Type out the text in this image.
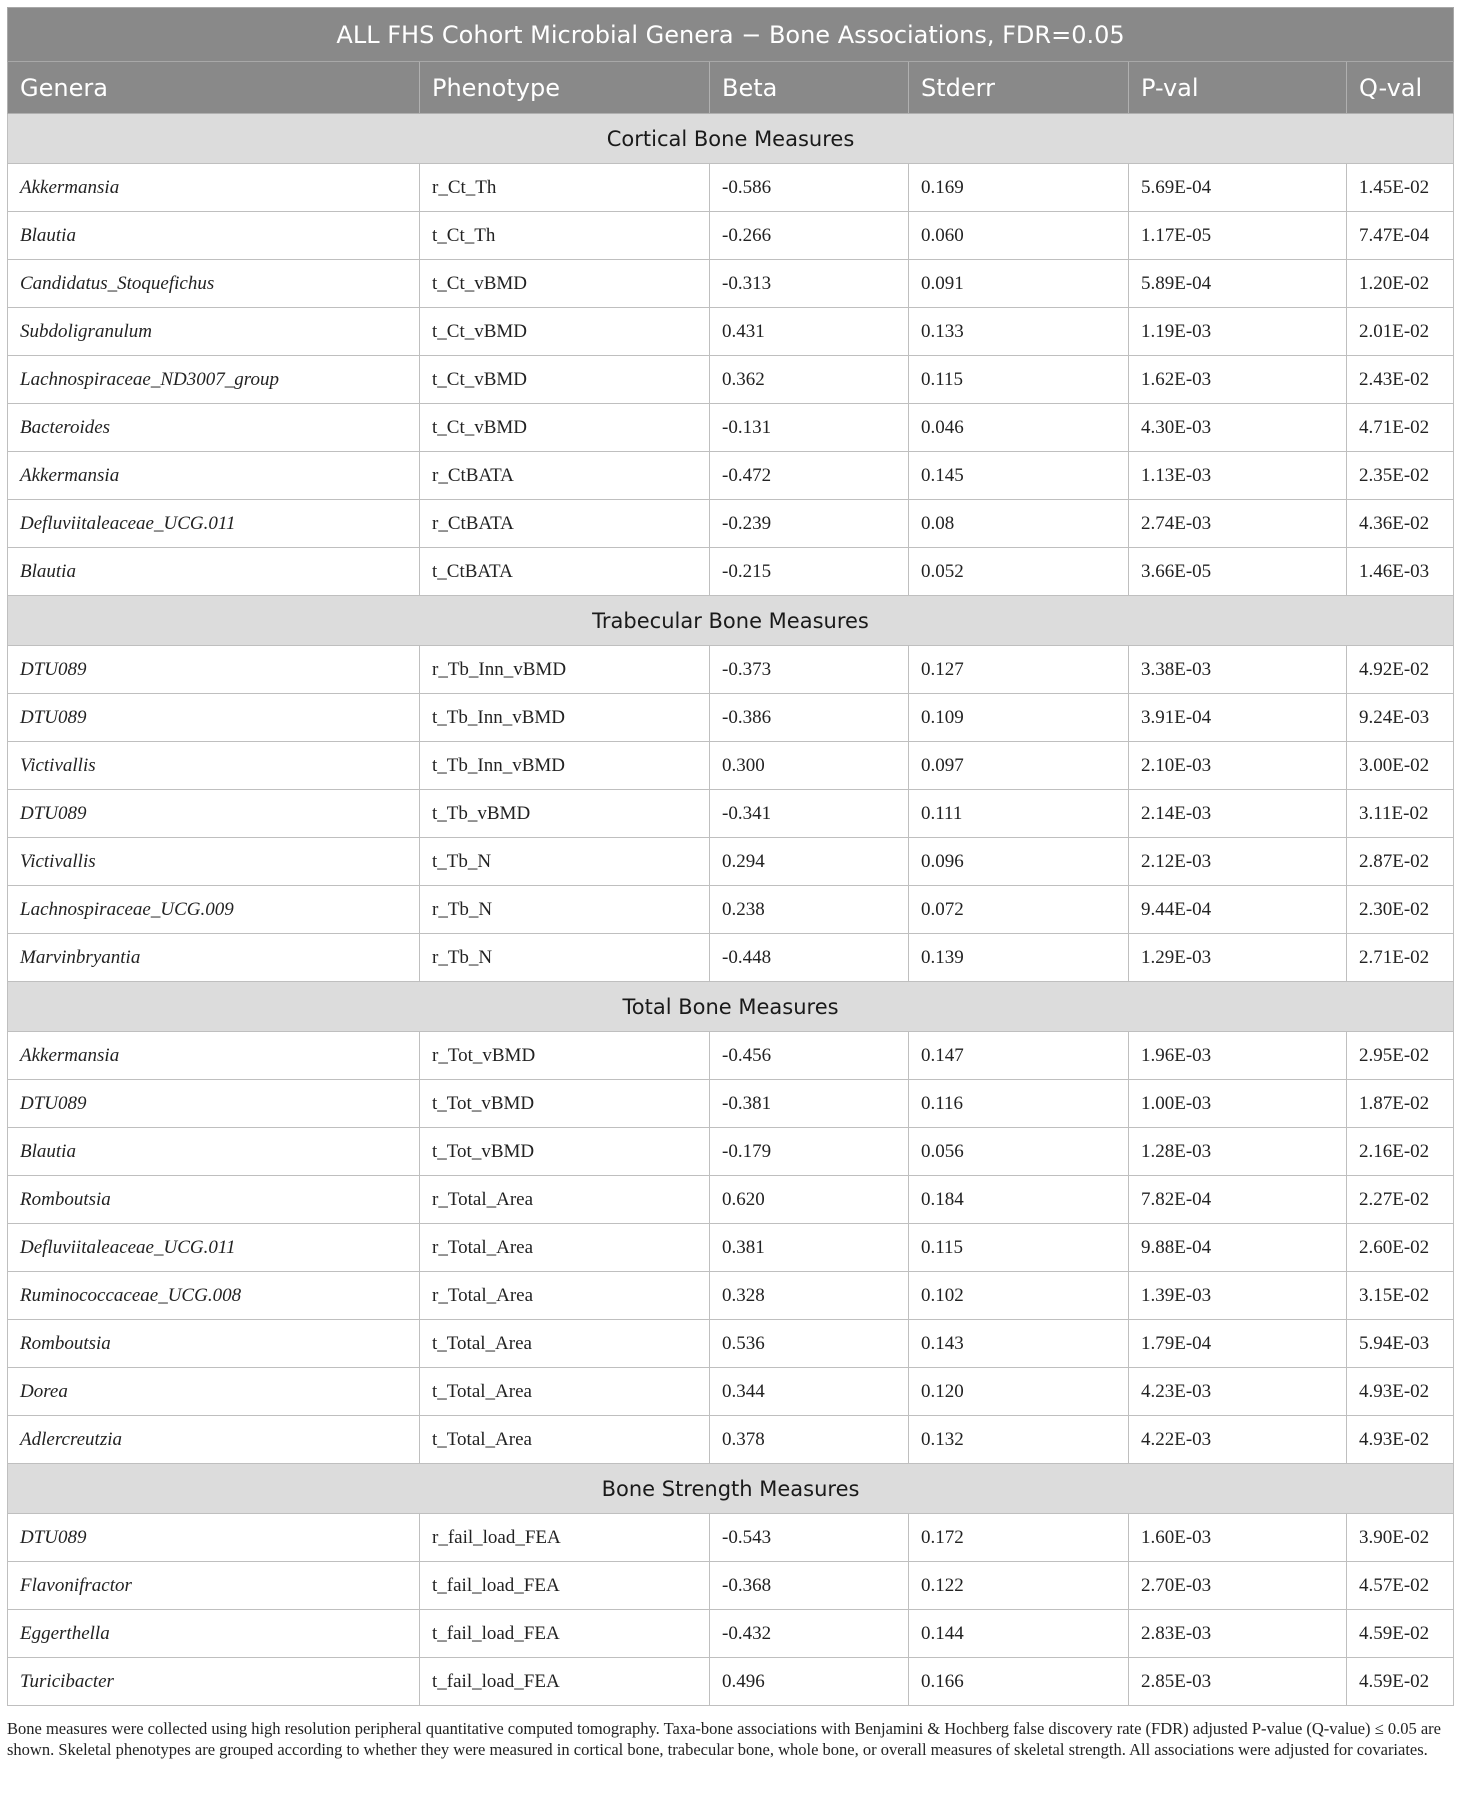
ALL FHS Cohort Microbial Genera − Bone Associations, FDR=0.05					
Genera	Phenotype	Beta	Stderr	P-val	Q-val
Cortical Bone Measures					
Akkermansia	r_Ct_Th	-0.586	0.169	5.69E-04	1.45E-02
Blautia	t_Ct_Th	-0.266	0.060	1.17E-05	7.47E-04
Candidatus_Stoquefichus	t_Ct_vBMD	-0.313	0.091	5.89E-04	1.20E-02
Subdoligranulum	t_Ct_vBMD	0.431	0.133	1.19E-03	2.01E-02
Lachnospiraceae_ND3007_group	t_Ct_vBMD	0.362	0.115	1.62E-03	2.43E-02
Bacteroides	t_Ct_vBMD	-0.131	0.046	4.30E-03	4.71E-02
Akkermansia	r_CtBATA	-0.472	0.145	1.13E-03	2.35E-02
Defluviitaleaceae_UCG.011	r_CtBATA	-0.239	0.08	2.74E-03	4.36E-02
Blautia	t_CtBATA	-0.215	0.052	3.66E-05	1.46E-03
Trabecular Bone Measures					
DTU089	r_Tb_Inn_vBMD	-0.373	0.127	3.38E-03	4.92E-02
DTU089	t_Tb_Inn_vBMD	-0.386	0.109	3.91E-04	9.24E-03
Victivallis	t_Tb_Inn_vBMD	0.300	0.097	2.10E-03	3.00E-02
DTU089	t_Tb_vBMD	-0.341	0.111	2.14E-03	3.11E-02
Victivallis	t_Tb_N	0.294	0.096	2.12E-03	2.87E-02
Lachnospiraceae_UCG.009	r_Tb_N	0.238	0.072	9.44E-04	2.30E-02
Marvinbryantia	r_Tb_N	-0.448	0.139	1.29E-03	2.71E-02
Total Bone Measures					
Akkermansia	r_Tot_vBMD	-0.456	0.147	1.96E-03	2.95E-02
DTU089	t_Tot_vBMD	-0.381	0.116	1.00E-03	1.87E-02
Blautia	t_Tot_vBMD	-0.179	0.056	1.28E-03	2.16E-02
Romboutsia	r_Total_Area	0.620	0.184	7.82E-04	2.27E-02
Defluviitaleaceae_UCG.011	r_Total_Area	0.381	0.115	9.88E-04	2.60E-02
Ruminococcaceae_UCG.008	r_Total_Area	0.328	0.102	1.39E-03	3.15E-02
Romboutsia	t_Total_Area	0.536	0.143	1.79E-04	5.94E-03
Dorea	t_Total_Area	0.344	0.120	4.23E-03	4.93E-02
Adlercreutzia	t_Total_Area	0.378	0.132	4.22E-03	4.93E-02
Bone Strength Measures					
DTU089	r_fail_load_FEA	-0.543	0.172	1.60E-03	3.90E-02
Flavonifractor	t_fail_load_FEA	-0.368	0.122	2.70E-03	4.57E-02
Eggerthella	t_fail_load_FEA	-0.432	0.144	2.83E-03	4.59E-02
Turicibacter	t_fail_load_FEA	0.496	0.166	2.85E-03	4.59E-02
Bone measures were collected using high resolution peripheral quantitative computed tomography. Taxa-bone associations with Benjamini & Hochberg false discovery rate (FDR) adjusted P-value (Q-value) ≤ 0.05 are shown. Skeletal phenotypes are grouped according to whether they were measured in cortical bone, trabecular bone, whole bone, or overall measures of skeletal strength. All associations were adjusted for covariates.
